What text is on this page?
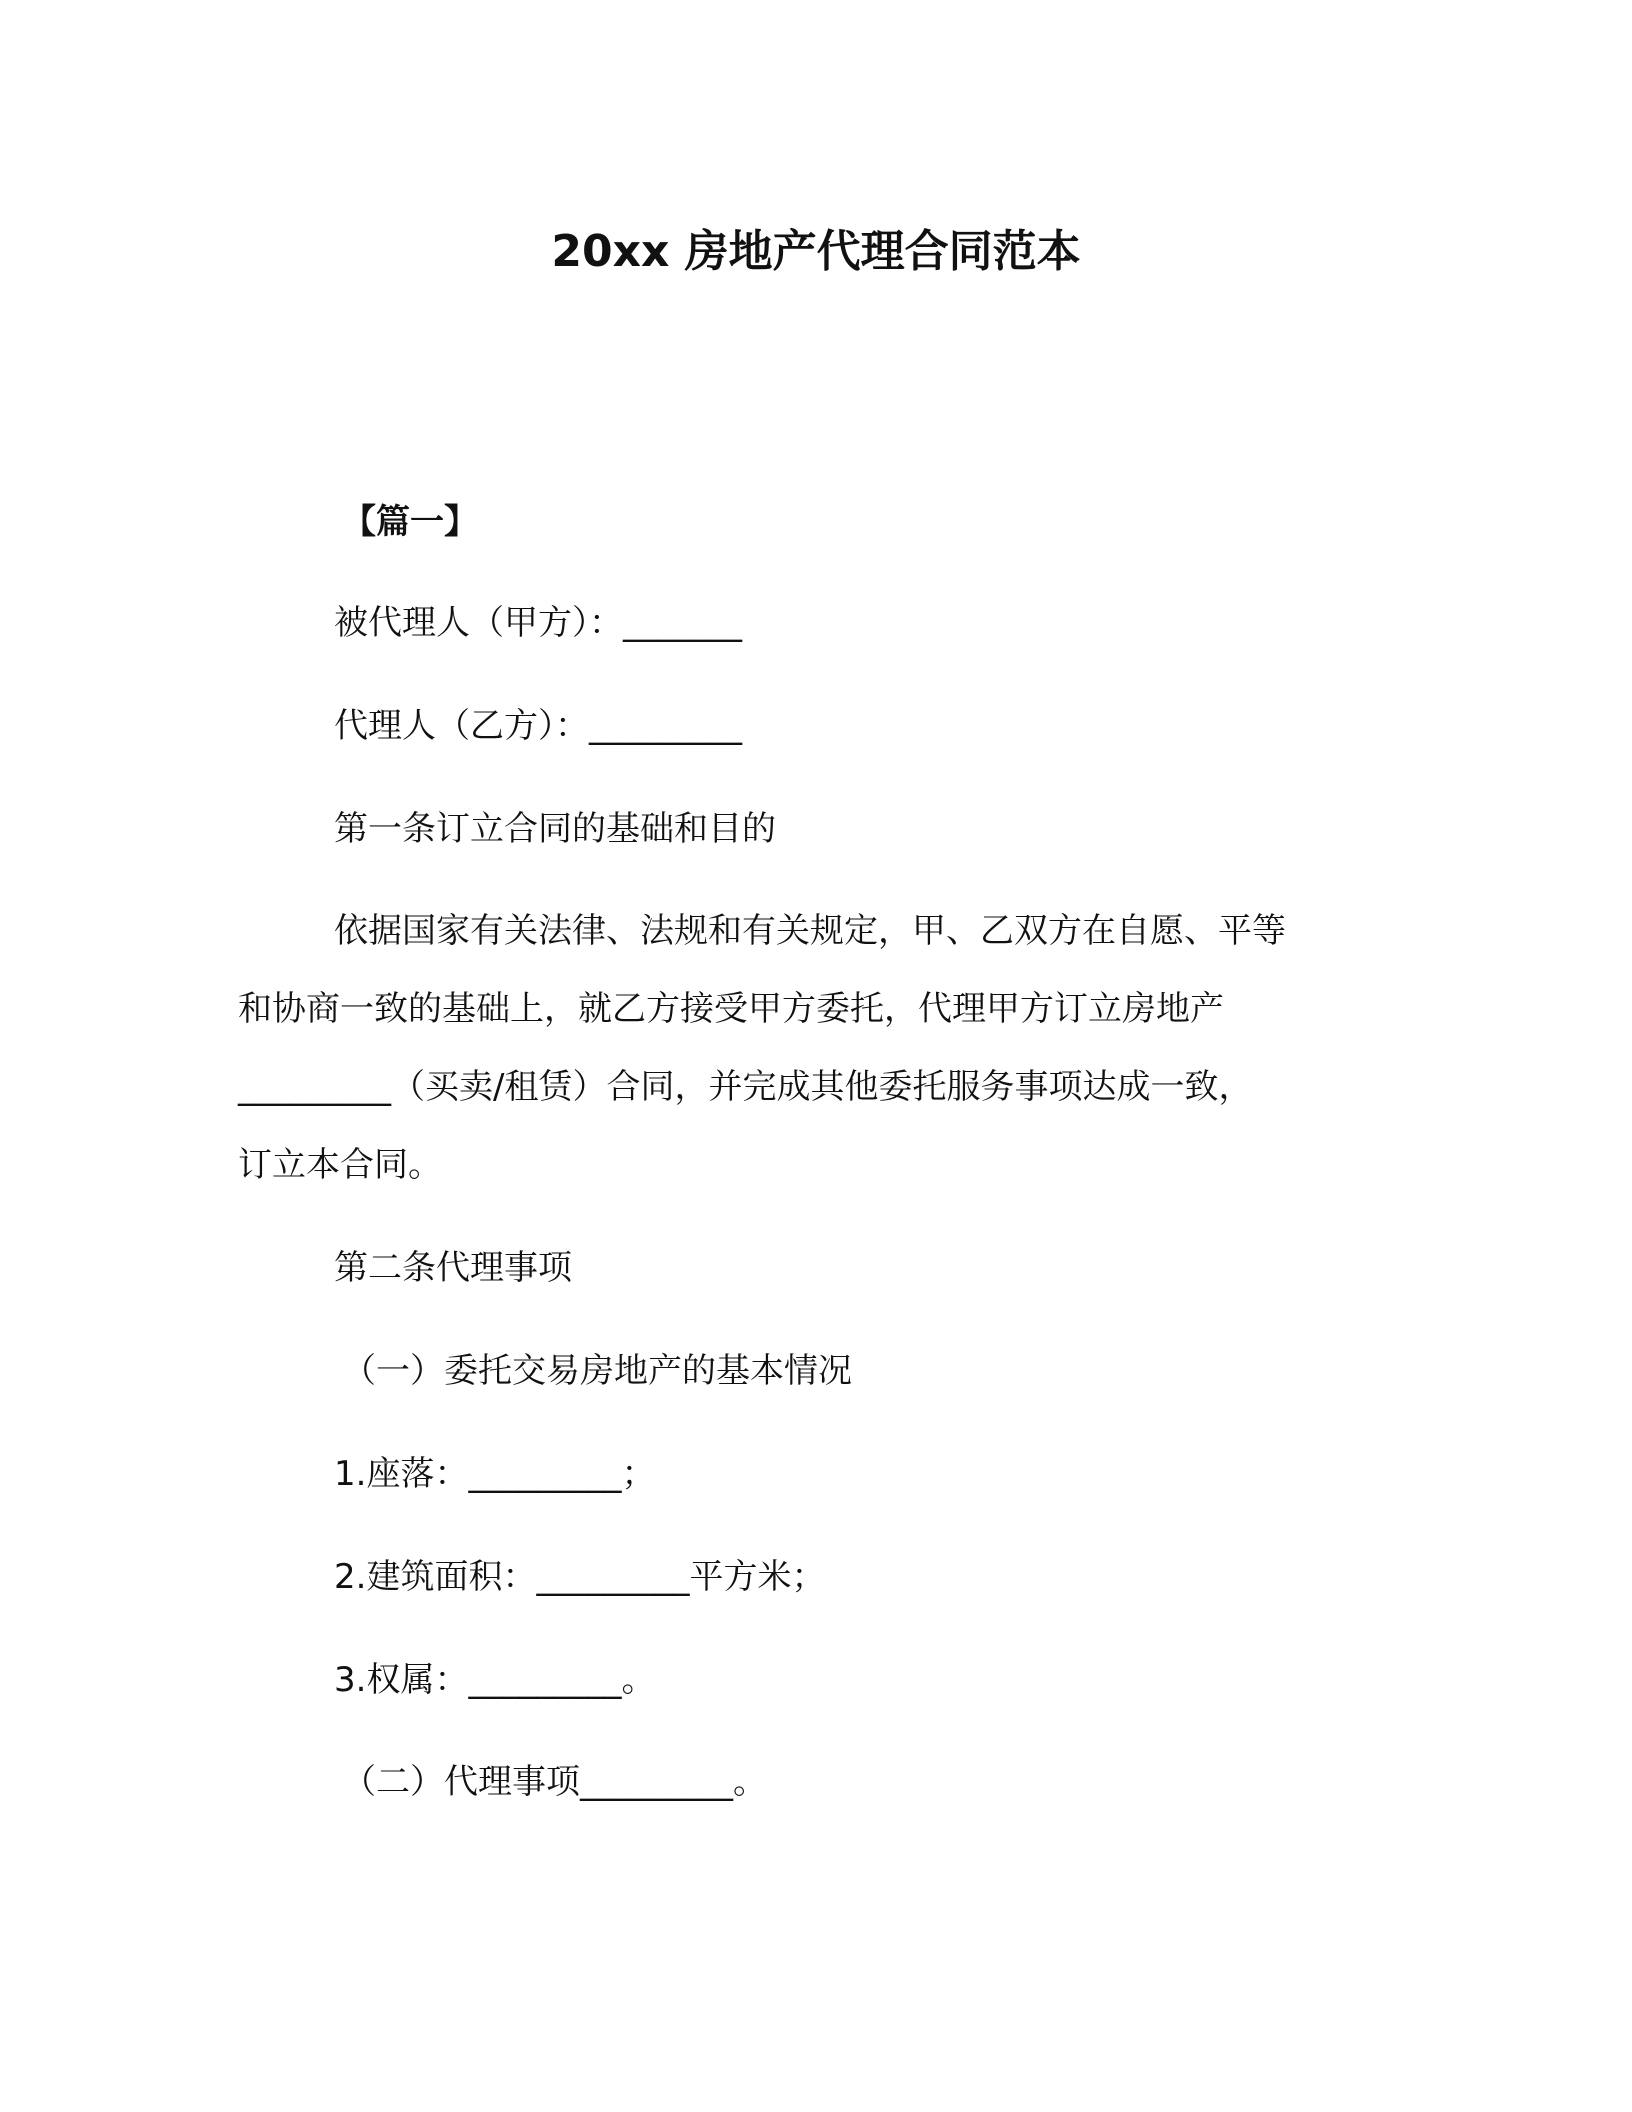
20xx 房地产代理合同范本
【篇一】
被代理人（甲方）：_______
代理人（乙方）：_________
第一条订立合同的基础和目的
依据国家有关法律、法规和有关规定，甲、乙双方在自愿、平等
和协商一致的基础上，就乙方接受甲方委托，代理甲方订立房地产
_________（买卖/租赁）合同，并完成其他委托服务事项达成一致，
订立本合同。
第二条代理事项
（一）委托交易房地产的基本情况
1.座落：_________；
2.建筑面积：_________平方米；
3.权属：_________。
（二）代理事项_________。
